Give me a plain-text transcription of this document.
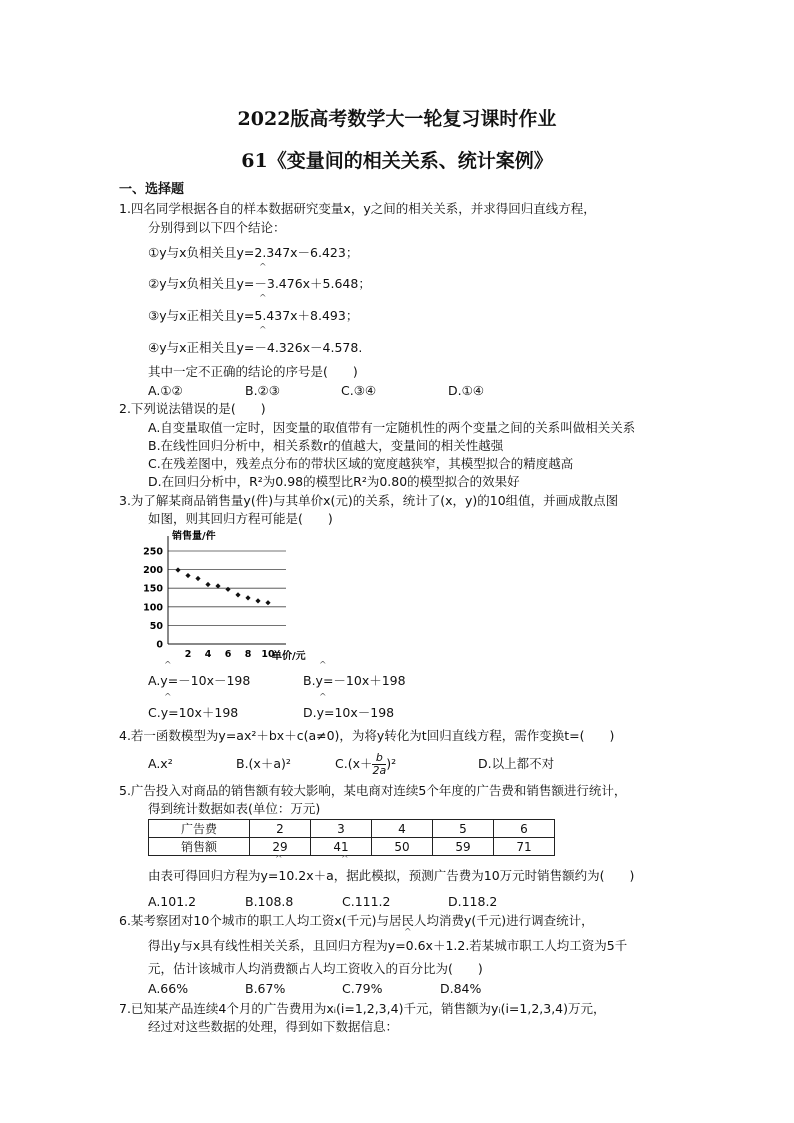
2022版高考数学大一轮复习课时作业
61《变量间的相关关系、统计案例》
一、选择题
1.四名同学根据各自的样本数据研究变量x，y之间的相关关系，并求得回归直线方程，
分别得到以下四个结论：
①y与x负相关且y=2.347x－6.423；
^
②y与x负相关且y=－3.476x＋5.648；
^
③y与x正相关且y=5.437x＋8.493；
^
④y与x正相关且y=－4.326x－4.578.
其中一定不正确的结论的序号是(　　)
A.①②	B.②③	C.③④	D.①④
2.下列说法错误的是(　　)
A.自变量取值一定时，因变量的取值带有一定随机性的两个变量之间的关系叫做相关关系
B.在线性回归分析中，相关系数r的值越大，变量间的相关性越强
C.在残差图中，残差点分布的带状区域的宽度越狭窄，其模型拟合的精度越高
D.在回归分析中，R²为0.98的模型比R²为0.80的模型拟合的效果好
3.为了解某商品销售量y(件)与其单价x(元)的关系，统计了(x，y)的10组值，并画成散点图
如图，则其回归方程可能是(　　)
0
50
100
150
200
250
2 4 6 8 10
销售量/件
单价/元
^	^
A.y=－10x－198	B.y=－10x＋198
^	^
C.y=10x＋198	D.y=10x－198
4.若一函数模型为y=ax²＋bx＋c(a≠0)，为将y转化为t回归直线方程，需作变换t=(　　)
A.x²	B.(x＋a)²	$C.(x+ \frac{b}{2a} )^2$	D.以上都不对
5.广告投入对商品的销售额有较大影响，某电商对连续5个年度的广告费和销售额进行统计，
得到统计数据如表(单位：万元)
广告费	2	3	4	5	6
销售额	29	41	50	59	71
^	^
由表可得回归方程为y=10.2x＋a，据此模拟，预测广告费为10万元时销售额约为(　　)
A.101.2	B.108.8	C.111.2	D.118.2
6.某考察团对10个城市的职工人均工资x(千元)与居民人均消费y(千元)进行调查统计，
^
得出y与x具有线性相关关系，且回归方程为y=0.6x＋1.2.若某城市职工人均工资为5千
元，估计该城市人均消费额占人均工资收入的百分比为(　　)
A.66%	B.67%	C.79%	D.84%
7.已知某产品连续4个月的广告费用为xᵢ(i=1,2,3,4)千元，销售额为yᵢ(i=1,2,3,4)万元，
经过对这些数据的处理，得到如下数据信息：
